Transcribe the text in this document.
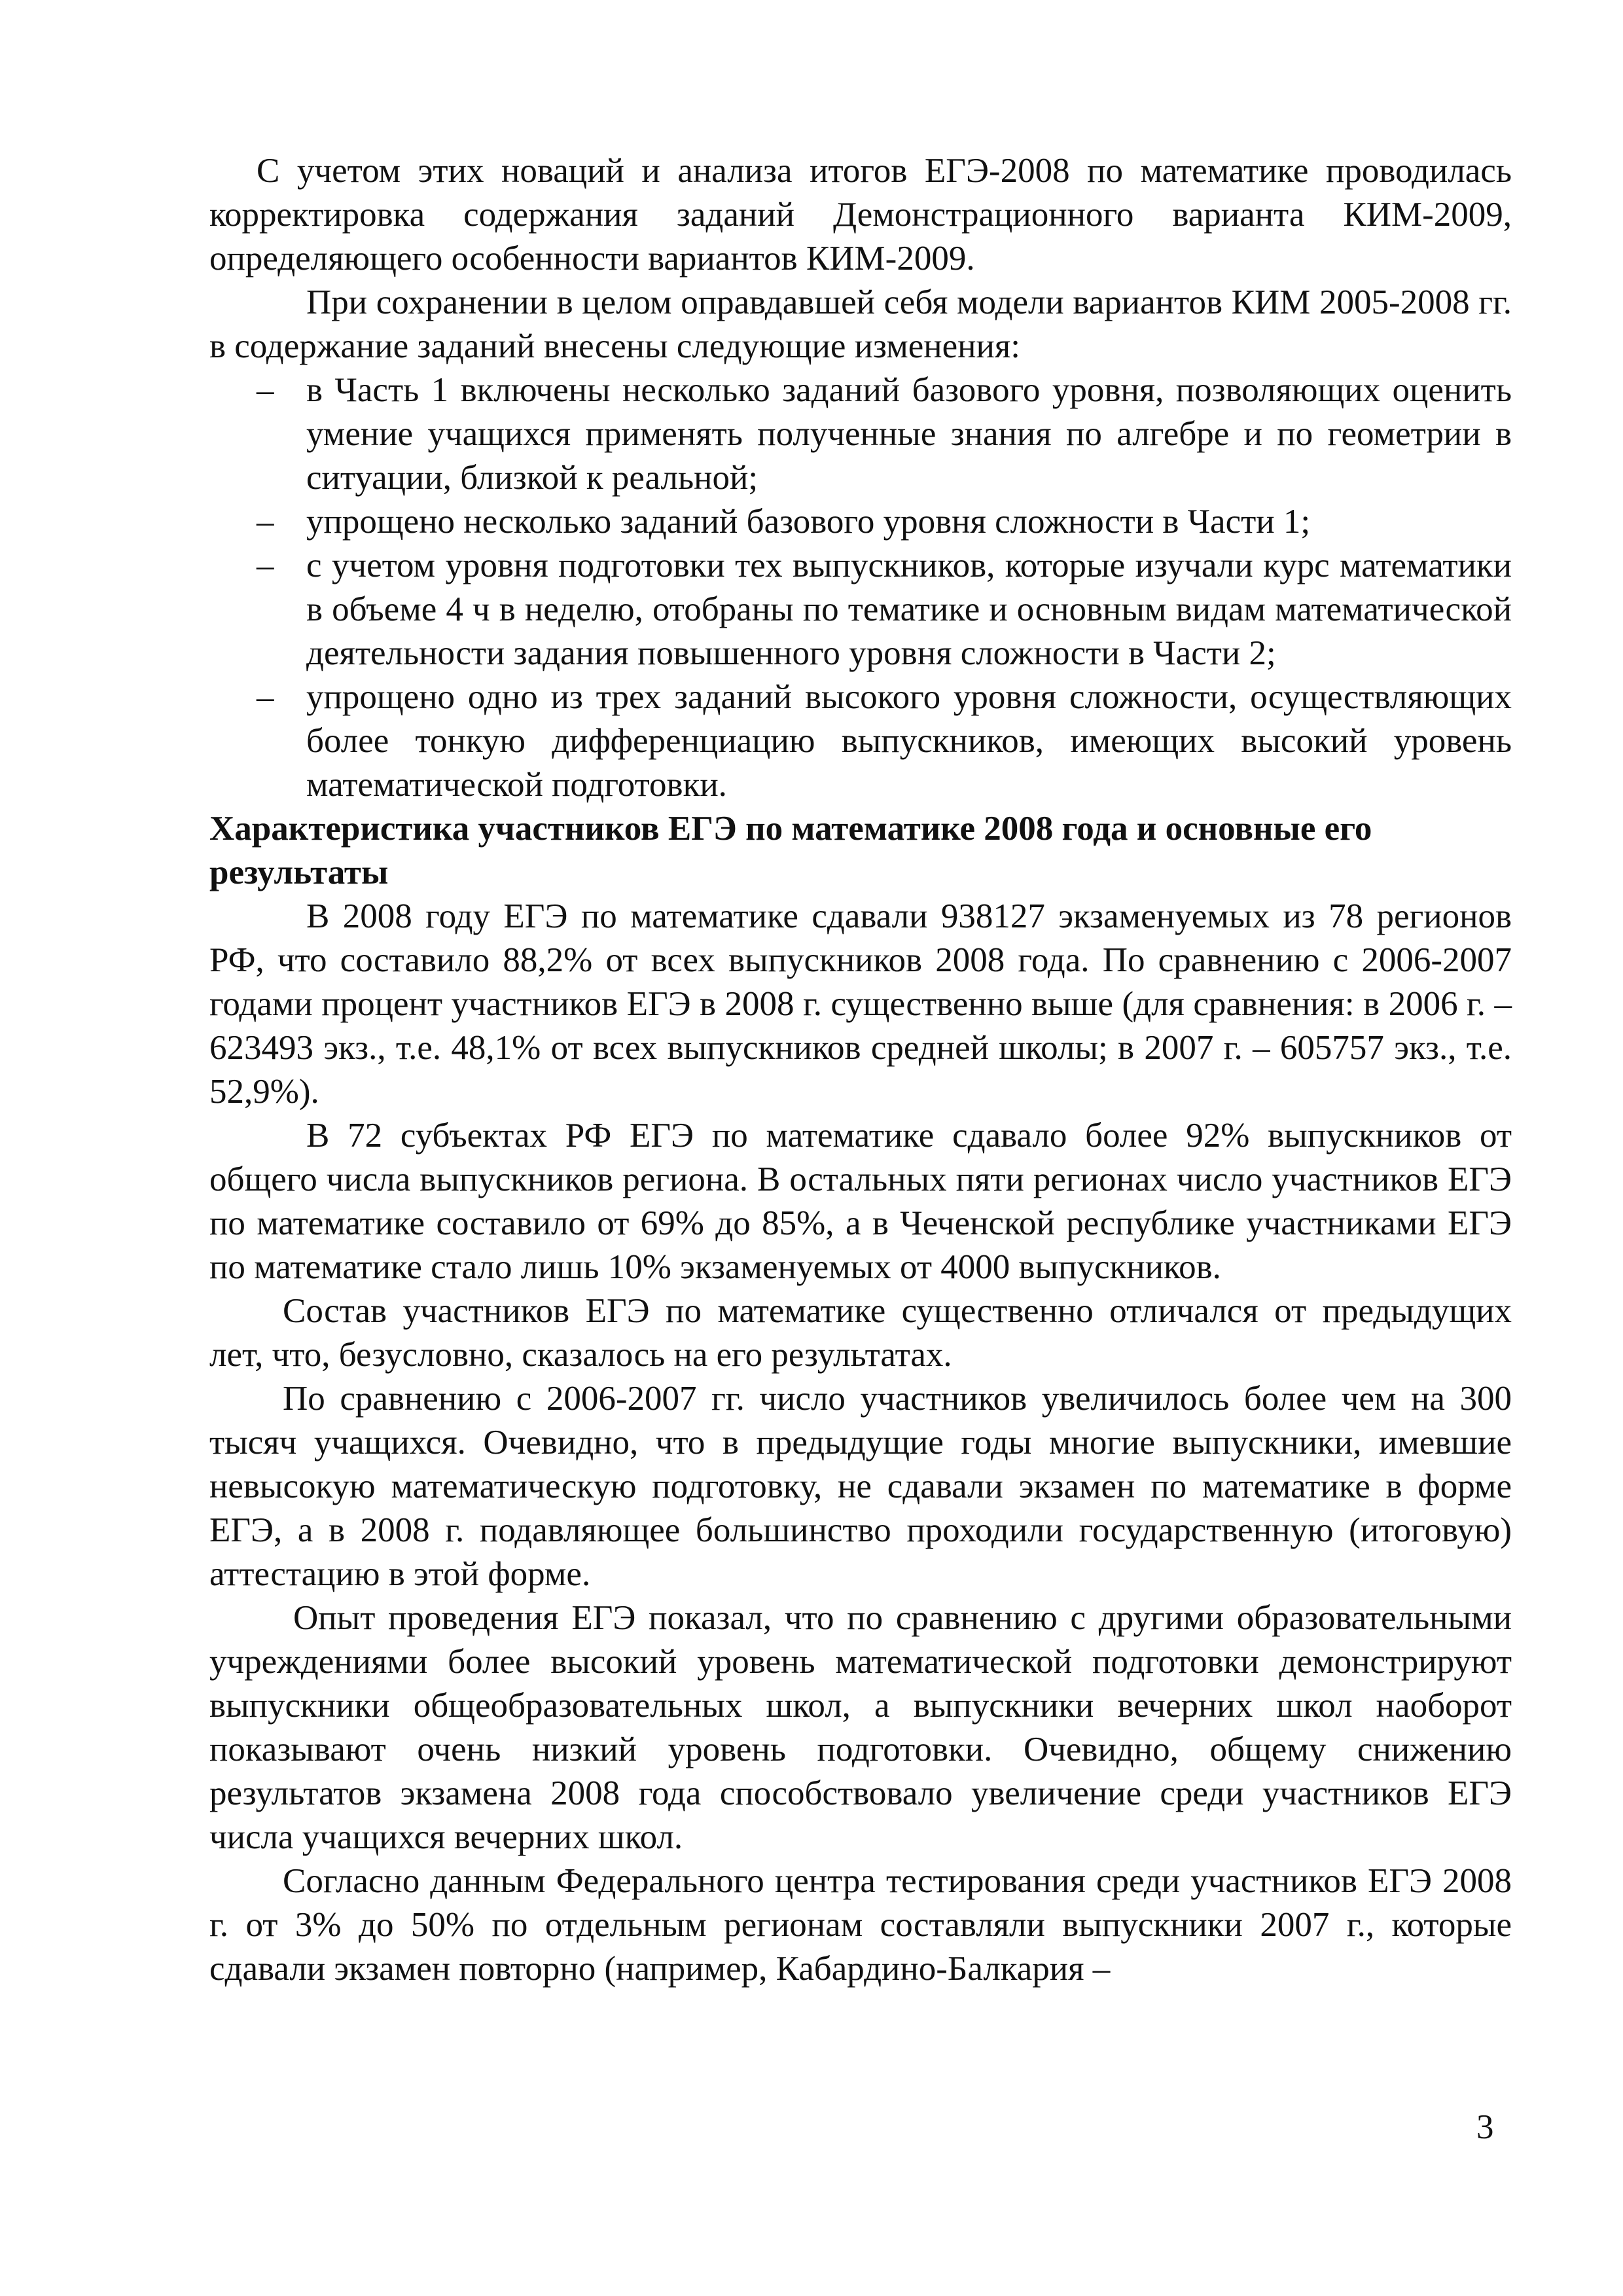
С учетом этих новаций и анализа итогов ЕГЭ-2008 по математике проводилась корректировка содержания заданий Демонстрационного варианта КИМ-2009, определяющего особенности вариантов КИМ-2009.

При сохранении в целом оправдавшей себя модели вариантов КИМ 2005-2008 гг. в содержание заданий внесены следующие изменения:

– в Часть 1 включены несколько заданий базового уровня, позволяющих оценить умение учащихся применять полученные знания по алгебре и по геометрии в ситуации, близкой к реальной;
– упрощено несколько заданий базового уровня сложности в Части 1;
– с учетом уровня подготовки тех выпускников, которые изучали курс математики в объеме 4 ч в неделю, отобраны по тематике и основным видам математической деятельности задания повышенного уровня сложности в Части 2;
– упрощено одно из трех заданий высокого уровня сложности, осуществляющих более тонкую дифференциацию выпускников, имеющих высокий уровень математической подготовки.
Характеристика участников ЕГЭ по математике 2008 года и основные его результаты

В 2008 году ЕГЭ по математике сдавали 938127 экзаменуемых из 78 регионов РФ, что составило 88,2% от всех выпускников 2008 года. По сравнению с 2006-2007 годами процент участников ЕГЭ в 2008 г. существенно выше (для сравнения: в 2006 г. – 623493 экз., т.е. 48,1% от всех выпускников средней школы; в 2007 г. – 605757 экз., т.е. 52,9%).

В 72 субъектах РФ ЕГЭ по математике сдавало более 92% выпускников от общего числа выпускников региона. В остальных пяти регионах число участников ЕГЭ по математике составило от 69% до 85%, а в Чеченской республике участниками ЕГЭ по математике стало лишь 10% экзаменуемых от 4000 выпускников.

Состав участников ЕГЭ по математике существенно отличался от предыдущих лет, что, безусловно, сказалось на его результатах.

По сравнению с 2006-2007 гг. число участников увеличилось более чем на 300 тысяч учащихся. Очевидно, что в предыдущие годы многие выпускники, имевшие невысокую математическую подготовку, не сдавали экзамен по математике в форме ЕГЭ, а в 2008 г. подавляющее большинство проходили государственную (итоговую) аттестацию в этой форме.

Опыт проведения ЕГЭ показал, что по сравнению с другими образовательными учреждениями более высокий уровень математической подготовки демонстрируют выпускники общеобразовательных школ, а выпускники вечерних школ наоборот показывают очень низкий уровень подготовки. Очевидно, общему снижению результатов экзамена 2008 года способствовало увеличение среди участников ЕГЭ числа учащихся вечерних школ.

Согласно данным Федерального центра тестирования среди участников ЕГЭ 2008 г. от 3% до 50% по отдельным регионам составляли выпускники 2007 г., которые сдавали экзамен повторно (например, Кабардино-Балкария –

3
